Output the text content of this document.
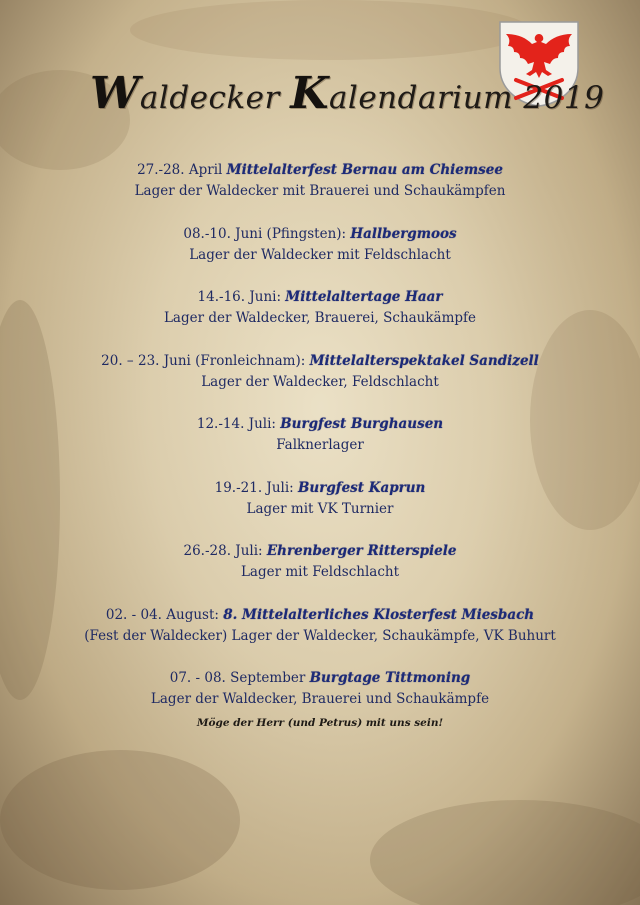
Waldecker Kalendarium 2019
27.-28. April Mittelalterfest Bernau am Chiemsee
Lager der Waldecker mit Brauerei und Schaukämpfen
08.-10. Juni (Pfingsten): Hallbergmoos
Lager der Waldecker mit Feldschlacht
14.-16. Juni: Mittelaltertage Haar
Lager der Waldecker, Brauerei, Schaukämpfe
20. – 23. Juni (Fronleichnam): Mittelalterspektakel Sandizell
Lager der Waldecker, Feldschlacht
12.-14. Juli: Burgfest Burghausen
Falknerlager
19.-21. Juli: Burgfest Kaprun
Lager mit VK Turnier
26.-28. Juli: Ehrenberger Ritterspiele
Lager mit Feldschlacht
02. - 04. August: 8. Mittelalterliches Klosterfest Miesbach
(Fest der Waldecker) Lager der Waldecker, Schaukämpfe, VK Buhurt
07. - 08. September Burgtage Tittmoning
Lager der Waldecker, Brauerei und Schaukämpfe
Möge der Herr (und Petrus) mit uns sein!
